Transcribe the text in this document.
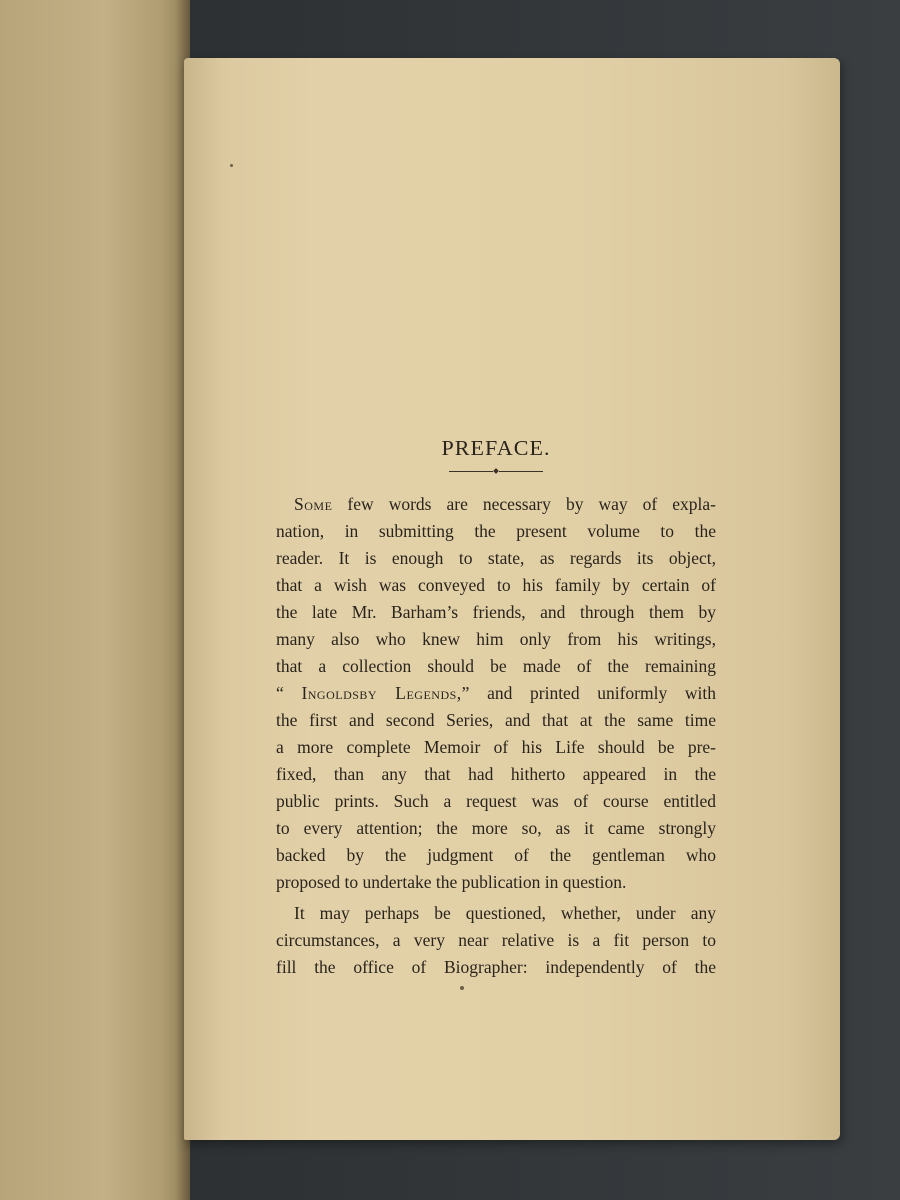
PREFACE.
Some few words are necessary by way of expla-
nation, in submitting the present volume to the
reader. It is enough to state, as regards its object,
that a wish was conveyed to his family by certain of
the late Mr. Barham’s friends, and through them by
many also who knew him only from his writings,
that a collection should be made of the remaining
“ Ingoldsby Legends,” and printed uniformly with
the first and second Series, and that at the same time
a more complete Memoir of his Life should be pre-
fixed, than any that had hitherto appeared in the
public prints. Such a request was of course entitled
to every attention; the more so, as it came strongly
backed by the judgment of the gentleman who
proposed to undertake the publication in question.
It may perhaps be questioned, whether, under any
circumstances, a very near relative is a fit person to
fill the office of Biographer: independently of the
